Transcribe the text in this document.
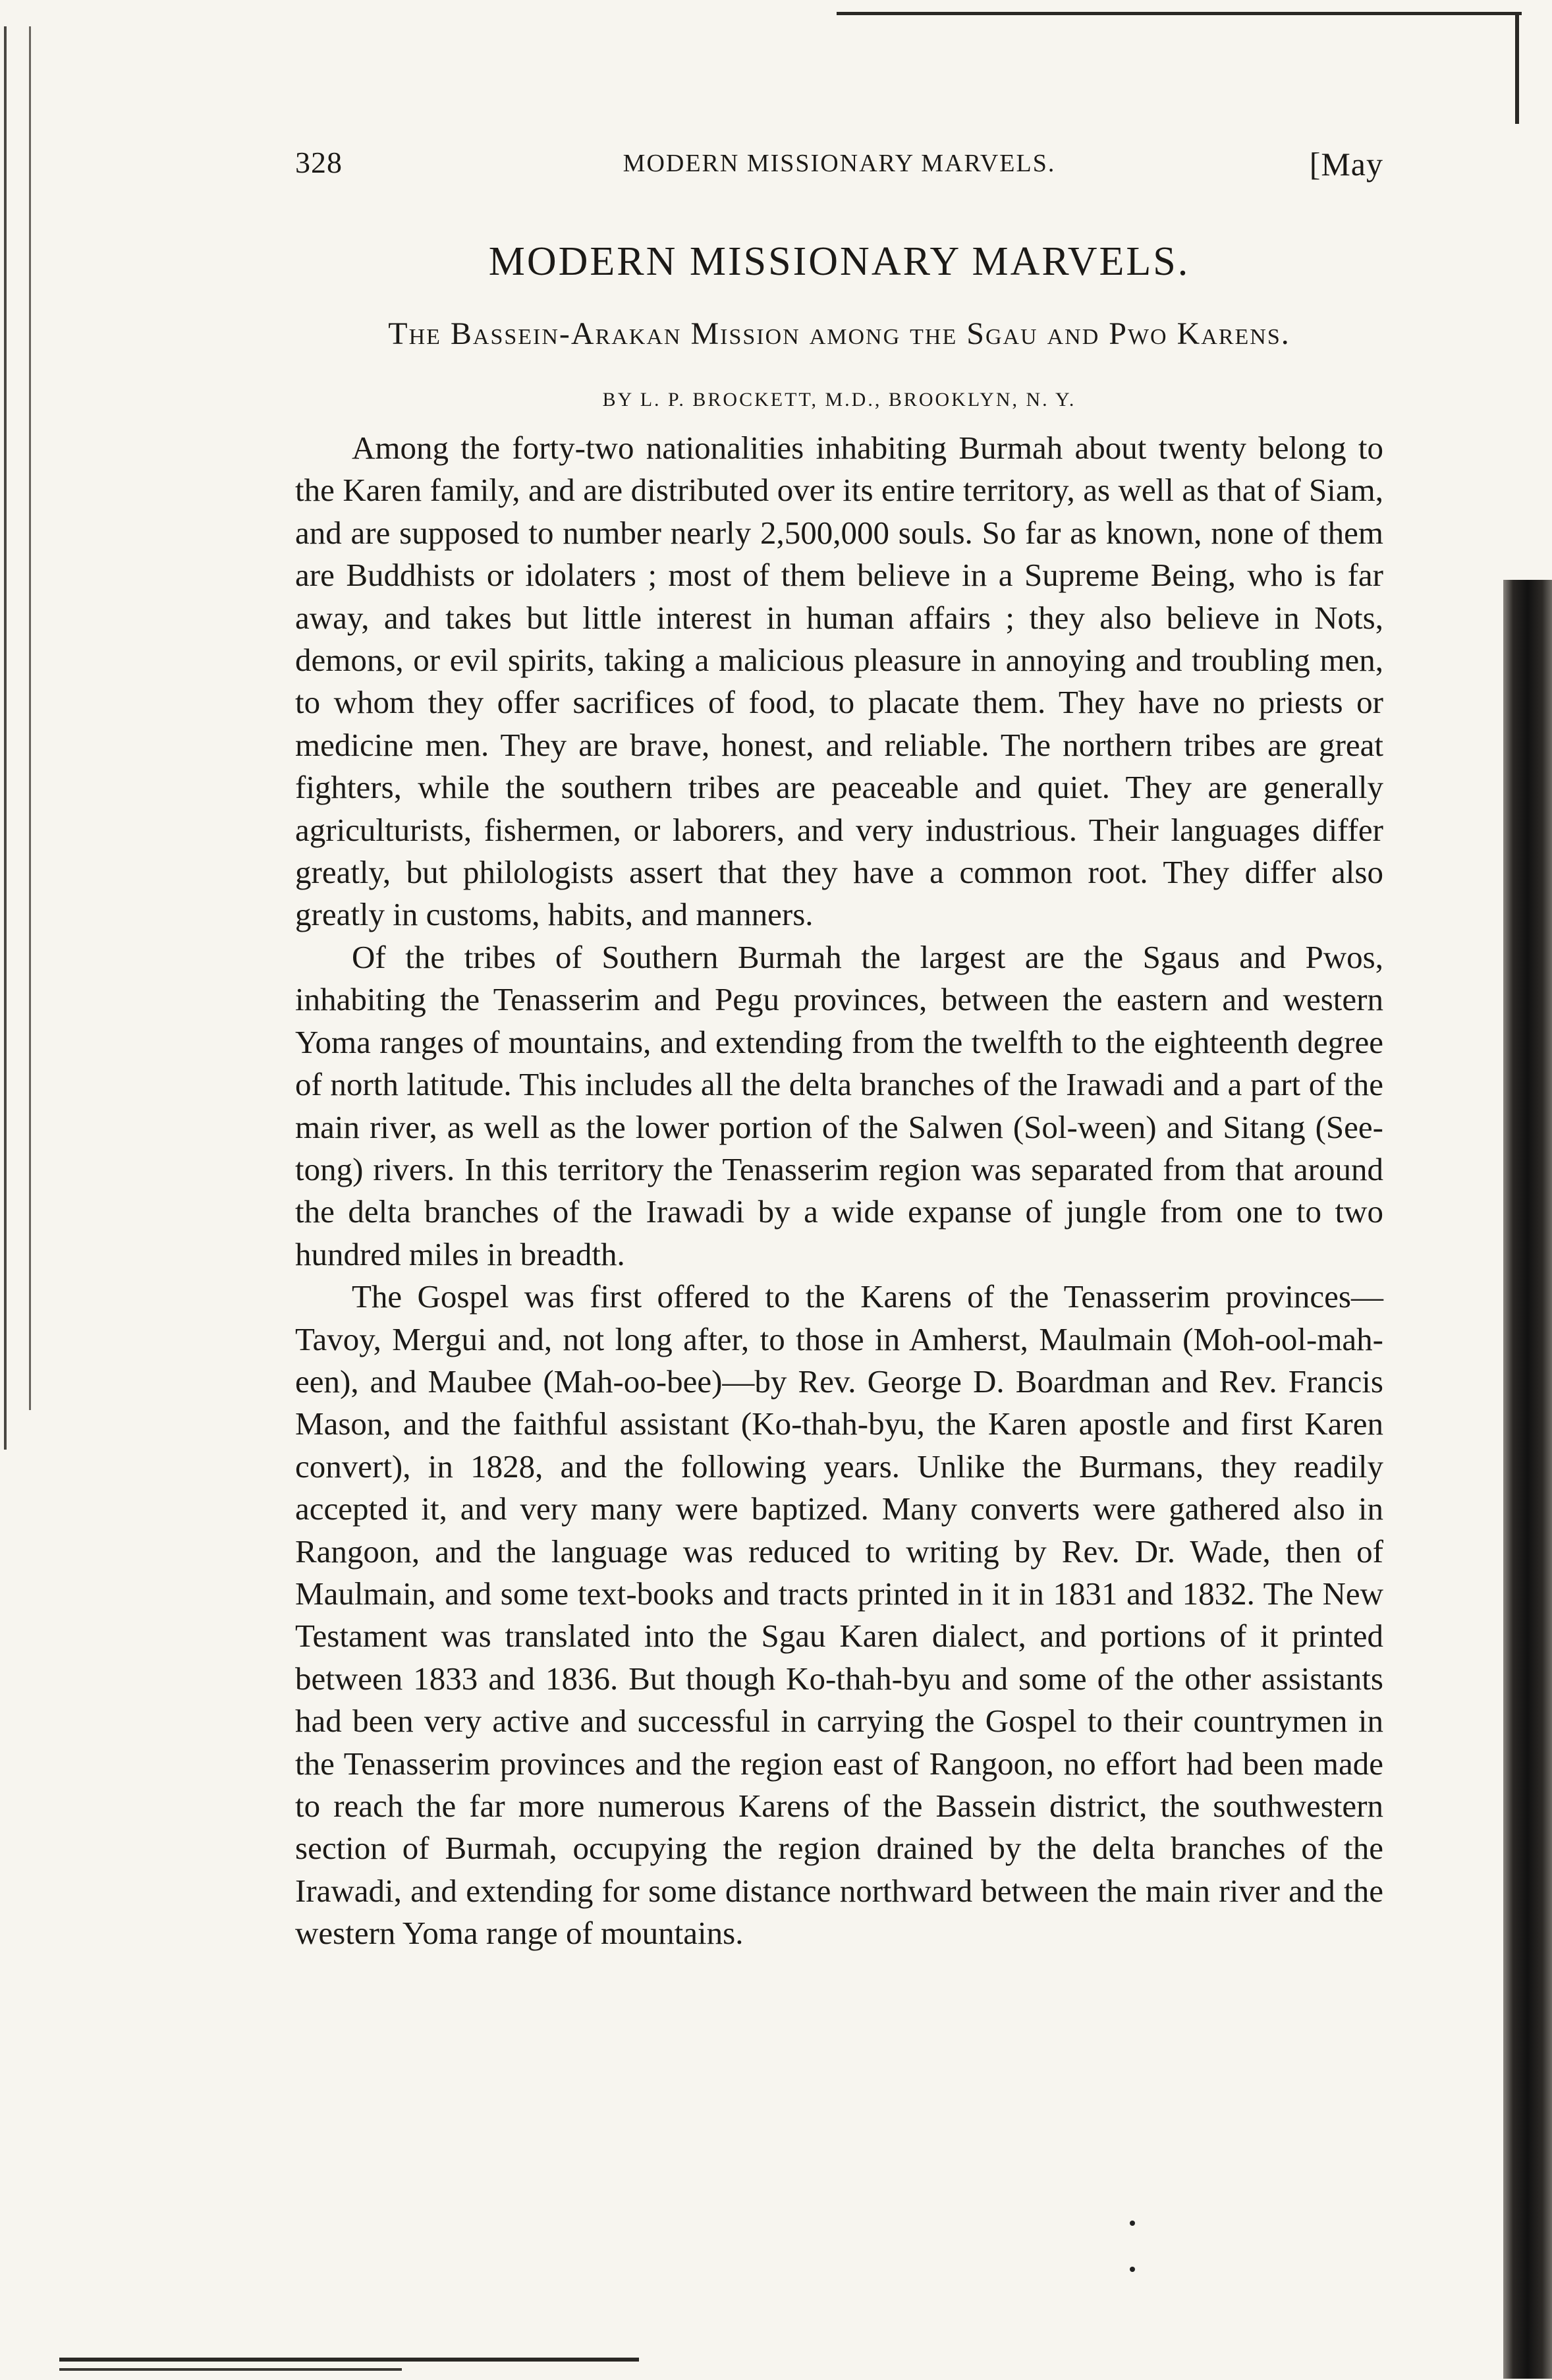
328	MODERN MISSIONARY MARVELS.	[May
MODERN MISSIONARY MARVELS.
The Bassein-Arakan Mission among the Sgau and Pwo Karens.
BY L. P. BROCKETT, M.D., BROOKLYN, N. Y.

Among the forty-two nationalities inhabiting Burmah about twenty belong to the Karen family, and are distributed over its entire territory, as well as that of Siam, and are supposed to number nearly 2,500,000 souls. So far as known, none of them are Buddhists or idolaters ; most of them believe in a Supreme Being, who is far away, and takes but little interest in human affairs ; they also believe in Nots, demons, or evil spirits, taking a malicious pleasure in annoying and troubling men, to whom they offer sacrifices of food, to placate them. They have no priests or medicine men. They are brave, honest, and reliable. The northern tribes are great fighters, while the southern tribes are peaceable and quiet. They are generally agriculturists, fishermen, or laborers, and very industrious. Their languages differ greatly, but philologists assert that they have a common root. They differ also greatly in customs, habits, and manners.

Of the tribes of Southern Burmah the largest are the Sgaus and Pwos, inhabiting the Tenasserim and Pegu provinces, between the eastern and western Yoma ranges of mountains, and extending from the twelfth to the eighteenth degree of north latitude. This includes all the delta branches of the Irawadi and a part of the main river, as well as the lower portion of the Salwen (Sol-ween) and Sitang (See-tong) rivers. In this territory the Tenasserim region was separated from that around the delta branches of the Irawadi by a wide expanse of jungle from one to two hundred miles in breadth.

The Gospel was first offered to the Karens of the Tenasserim provinces—Tavoy, Mergui and, not long after, to those in Amherst, Maulmain (Moh-ool-mah-een), and Maubee (Mah-oo-bee)—by Rev. George D. Boardman and Rev. Francis Mason, and the faithful assistant (Ko-thah-byu, the Karen apostle and first Karen convert), in 1828, and the following years. Unlike the Burmans, they readily accepted it, and very many were baptized. Many converts were gathered also in Rangoon, and the language was reduced to writing by Rev. Dr. Wade, then of Maulmain, and some text-books and tracts printed in it in 1831 and 1832. The New Testament was translated into the Sgau Karen dialect, and portions of it printed between 1833 and 1836. But though Ko-thah-byu and some of the other assistants had been very active and successful in carrying the Gospel to their countrymen in the Tenasserim provinces and the region east of Rangoon, no effort had been made to reach the far more numerous Karens of the Bassein district, the southwestern section of Burmah, occupying the region drained by the delta branches of the Irawadi, and extending for some distance northward between the main river and the western Yoma range of mountains.
